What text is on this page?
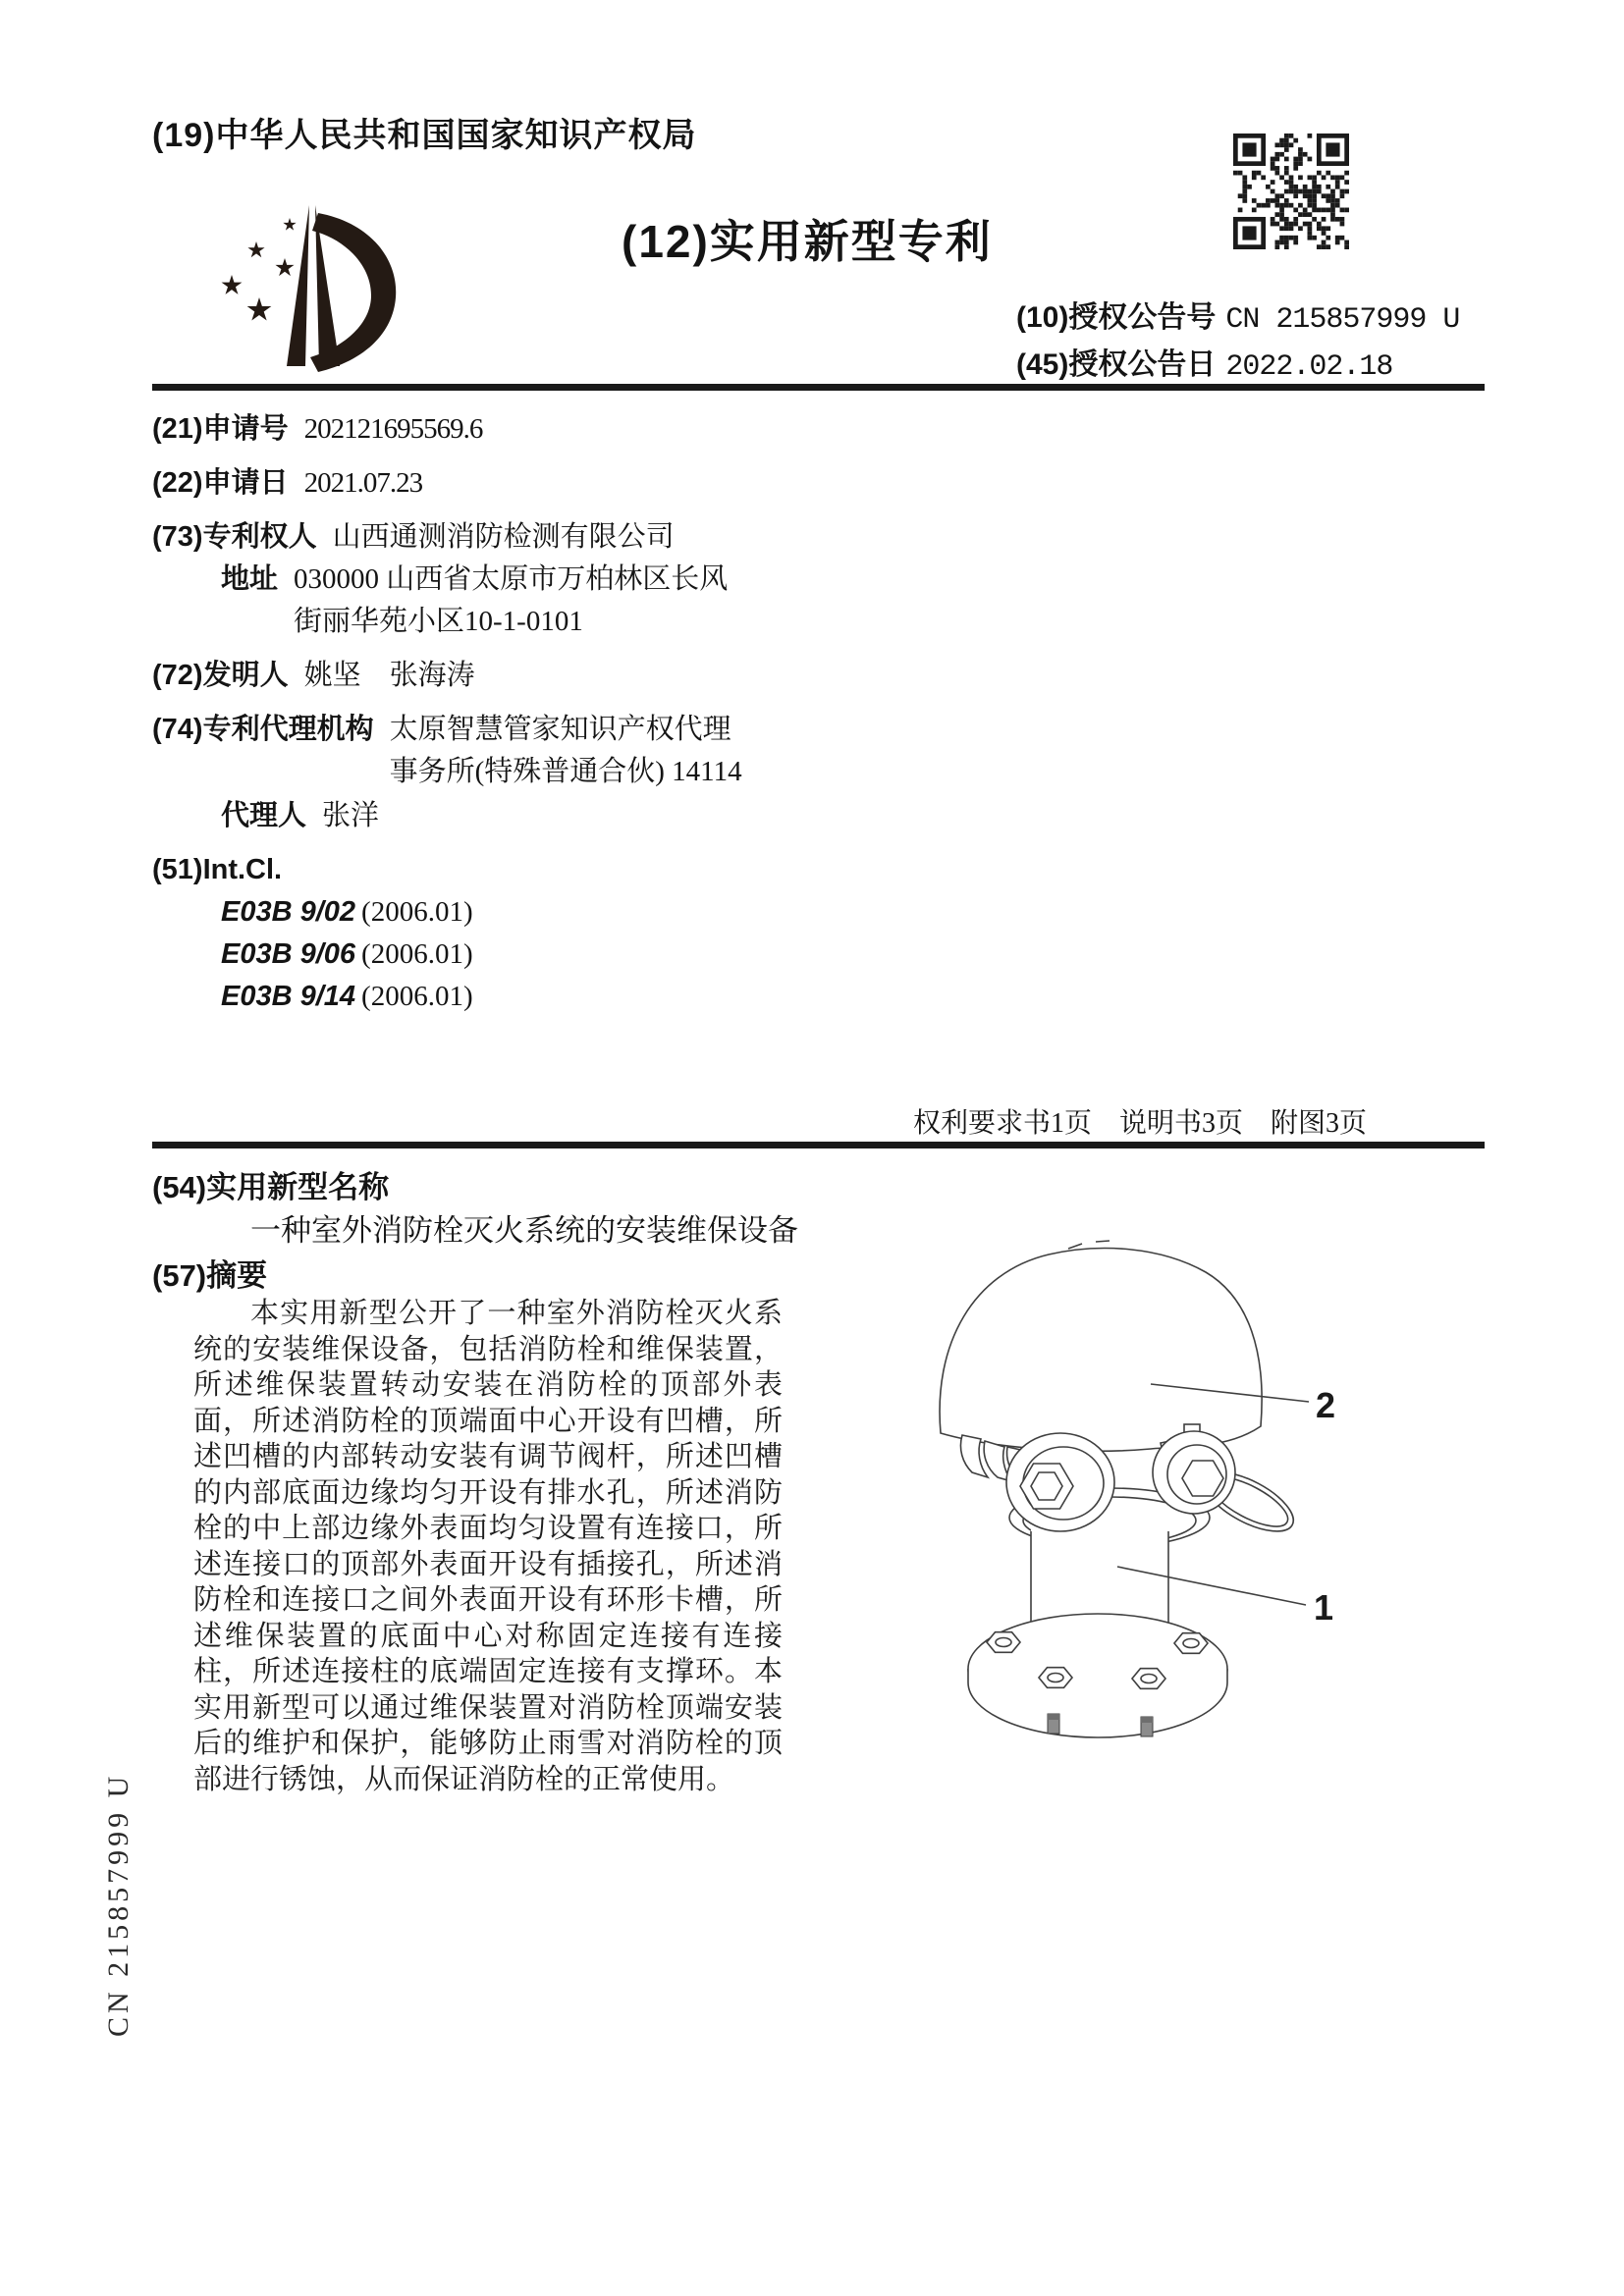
(19)中华人民共和国国家知识产权局
(12)实用新型专利
(10)授权公告号 CN 215857999 U
(45)授权公告日 2022.02.18
(21)申请号 202121695569.6
(22)申请日 2021.07.23
(73)专利权人 山西通测消防检测有限公司
地址 030000 山西省太原市万柏林区长风街丽华苑小区10-1-0101
(72)发明人 姚坚　张海涛
(74)专利代理机构 太原智慧管家知识产权代理事务所(特殊普通合伙) 14114
代理人 张洋
(51)Int.Cl.
E03B 9/02 (2006.01)
E03B 9/06 (2006.01)
E03B 9/14 (2006.01)
权利要求书1页　说明书3页　附图3页
(54)实用新型名称
一种室外消防栓灭火系统的安装维保设备
(57)摘要
本实用新型公开了一种室外消防栓灭火系统的安装维保设备，包括消防栓和维保装置，所述维保装置转动安装在消防栓的顶部外表面，所述消防栓的顶端面中心开设有凹槽，所述凹槽的内部转动安装有调节阀杆，所述凹槽的内部底面边缘均匀开设有排水孔，所述消防栓的中上部边缘外表面均匀设置有连接口，所述连接口的顶部外表面开设有插接孔，所述消防栓和连接口之间外表面开设有环形卡槽，所述维保装置的底面中心对称固定连接有连接柱，所述连接柱的底端固定连接有支撑环。本实用新型可以通过维保装置对消防栓顶端安装后的维护和保护，能够防止雨雪对消防栓的顶部进行锈蚀，从而保证消防栓的正常使用。
2
1
CN 215857999 U
